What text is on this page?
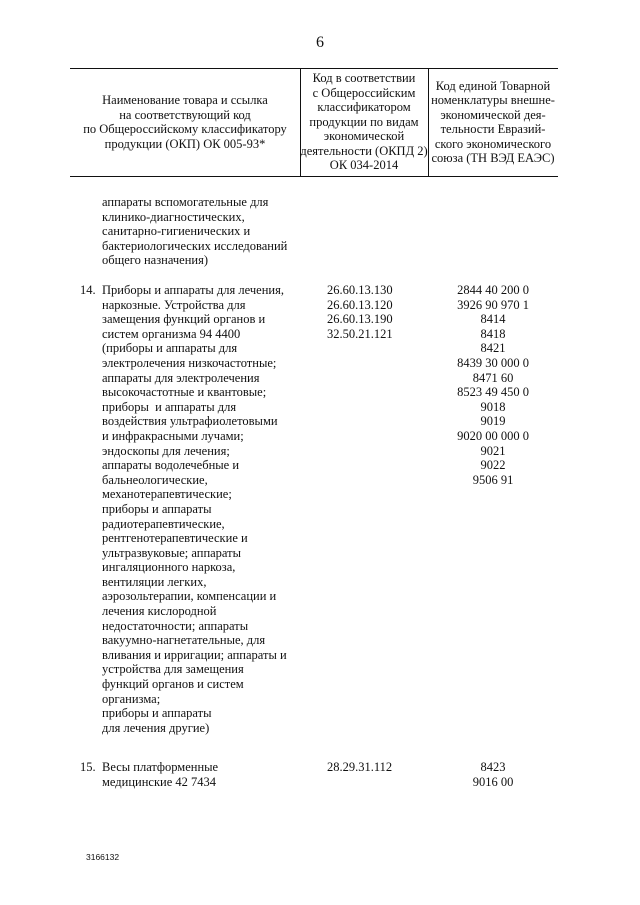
6
Наименование товара и ссылка
на соответствующий код
по Общероссийскому классификатору
продукции (ОКП) ОК 005-93*
Код в соответствии
с Общероссийским
классификатором
продукции по видам
экономической
деятельности (ОКПД 2)
ОК 034-2014
Код единой Товарной
номенклатуры внешне-
экономической дея-
тельности Евразий-
ского экономического
союза (ТН ВЭД ЕАЭС)
аппараты вспомогательные для
клинико-диагностических,
санитарно-гигиенических и
бактериологических исследований
общего назначения)
14. Приборы и аппараты для лечения,
наркозные. Устройства для
замещения функций органов и
систем организма 94 4400
(приборы и аппараты для
электролечения низкочастотные;
аппараты для электролечения
высокочастотные и квантовые;
приборы  и аппараты для
воздействия ультрафиолетовыми
и инфракрасными лучами;
эндоскопы для лечения;
аппараты водолечебные и
бальнеологические,
механотерапевтические;
приборы и аппараты
радиотерапевтические,
рентгенотерапевтические и
ультразвуковые; аппараты
ингаляционного наркоза,
вентиляции легких,
аэрозольтерапии, компенсации и
лечения кислородной
недостаточности; аппараты
вакуумно-нагнетательные, для
вливания и ирригации; аппараты и
устройства для замещения
функций органов и систем
организма;
приборы и аппараты
для лечения другие)
26.60.13.130
26.60.13.120
26.60.13.190
32.50.21.121
2844 40 200 0
3926 90 970 1
8414
8418
8421
8439 30 000 0
8471 60
8523 49 450 0
9018
9019
9020 00 000 0
9021
9022
9506 91
15. Весы платформенные
медицинские 42 7434
28.29.31.112	8423
9016 00
3166132
